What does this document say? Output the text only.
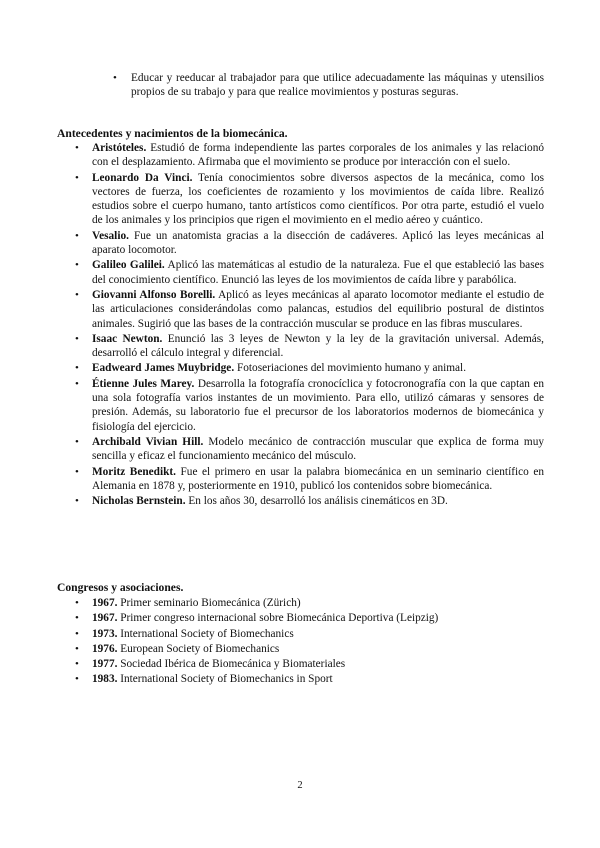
• Educar y reeducar al trabajador para que utilice adecuadamente las máquinas y utensilios propios de su trabajo y para que realice movimientos y posturas seguras.
Antecedentes y nacimientos de la biomecánica.
• Aristóteles. Estudió de forma independiente las partes corporales de los animales y las relacionó con el desplazamiento. Afirmaba que el movimiento se produce por interacción con el suelo.
• Leonardo Da Vinci. Tenía conocimientos sobre diversos aspectos de la mecánica, como los vectores de fuerza, los coeficientes de rozamiento y los movimientos de caída libre. Realizó estudios sobre el cuerpo humano, tanto artísticos como científicos. Por otra parte, estudió el vuelo de los animales y los principios que rigen el movimiento en el medio aéreo y cuántico.
• Vesalio. Fue un anatomista gracias a la disección de cadáveres. Aplicó las leyes mecánicas al aparato locomotor.
• Galileo Galilei. Aplicó las matemáticas al estudio de la naturaleza. Fue el que estableció las bases del conocimiento científico. Enunció las leyes de los movimientos de caída libre y parabólica.
• Giovanni Alfonso Borelli. Aplicó as leyes mecánicas al aparato locomotor mediante el estudio de las articulaciones considerándolas como palancas, estudios del equilibrio postural de distintos animales. Sugirió que las bases de la contracción muscular se produce en las fibras musculares.
• Isaac Newton. Enunció las 3 leyes de Newton y la ley de la gravitación universal. Además, desarrolló el cálculo integral y diferencial.
• Eadweard James Muybridge. Fotoseriaciones del movimiento humano y animal.
• Étienne Jules Marey. Desarrolla la fotografía cronocíclica y fotocronografía con la que captan en una sola fotografía varios instantes de un movimiento. Para ello, utilizó cámaras y sensores de presión. Además, su laboratorio fue el precursor de los laboratorios modernos de biomecánica y fisiología del ejercicio.
• Archibald Vivian Hill. Modelo mecánico de contracción muscular que explica de forma muy sencilla y eficaz el funcionamiento mecánico del músculo.
• Moritz Benedikt. Fue el primero en usar la palabra biomecánica en un seminario científico en Alemania en 1878 y, posteriormente en 1910, publicó los contenidos sobre biomecánica.
• Nicholas Bernstein. En los años 30, desarrolló los análisis cinemáticos en 3D.
Congresos y asociaciones.
• 1967. Primer seminario Biomecánica (Zürich)
• 1967. Primer congreso internacional sobre Biomecánica Deportiva (Leipzig)
• 1973. International Society of Biomechanics
• 1976. European Society of Biomechanics
• 1977. Sociedad Ibérica de Biomecánica y Biomateriales
• 1983. International Society of Biomechanics in Sport
2
